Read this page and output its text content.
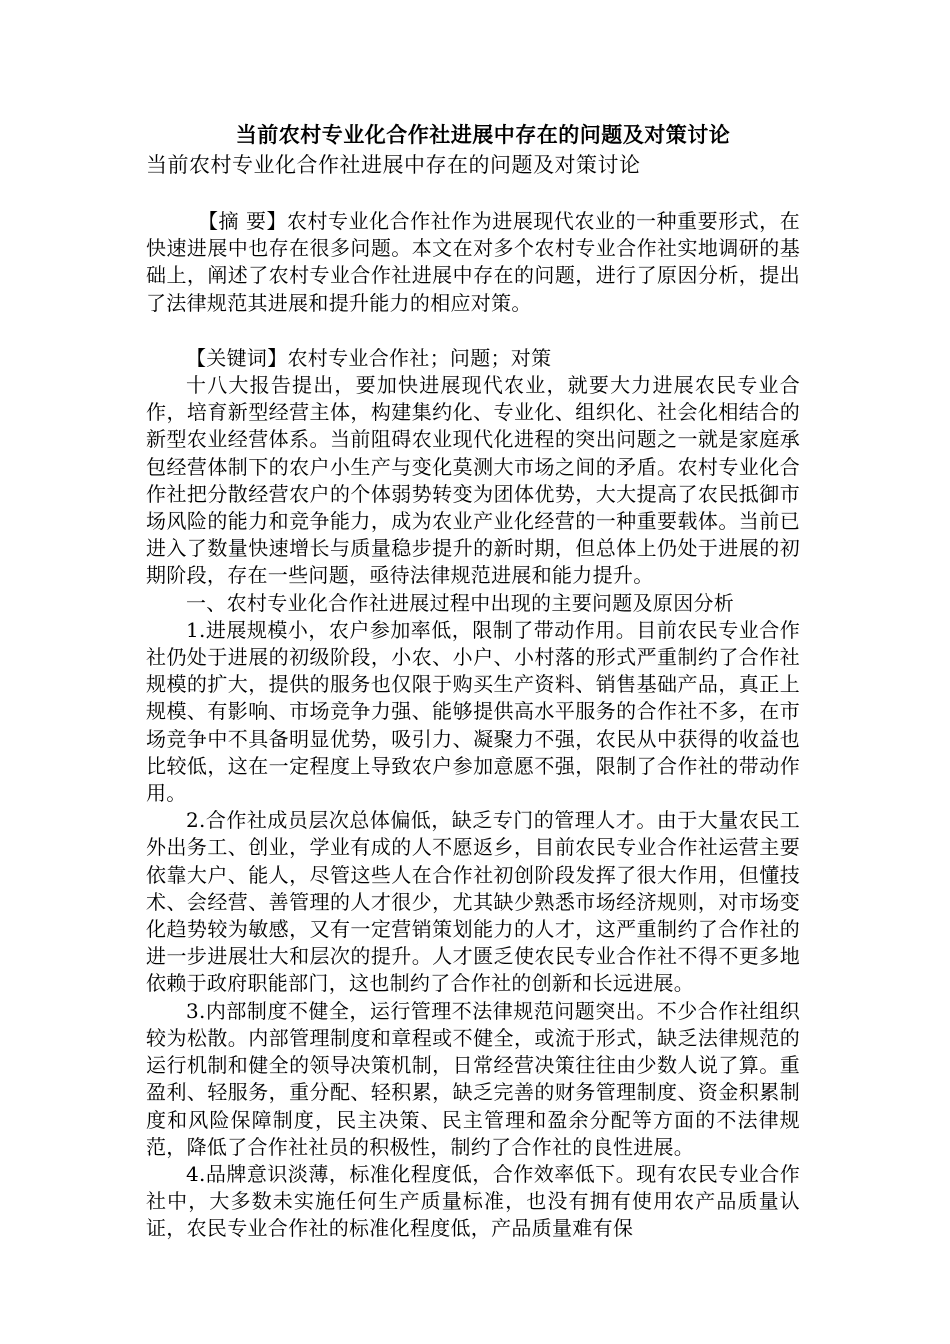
当前农村专业化合作社进展中存在的问题及对策讨论
当前农村专业化合作社进展中存在的问题及对策讨论

【摘 要】农村专业化合作社作为进展现代农业的一种重要形式，在快速进展中也存在很多问题。本文在对多个农村专业合作社实地调研的基础上，阐述了农村专业合作社进展中存在的问题，进行了原因分析，提出了法律规范其进展和提升能力的相应对策。

【关键词】农村专业合作社；问题；对策

十八大报告提出，要加快进展现代农业，就要大力进展农民专业合作，培育新型经营主体，构建集约化、专业化、组织化、社会化相结合的新型农业经营体系。当前阻碍农业现代化进程的突出问题之一就是家庭承包经营体制下的农户小生产与变化莫测大市场之间的矛盾。农村专业化合作社把分散经营农户的个体弱势转变为团体优势，大大提高了农民抵御市场风险的能力和竞争能力，成为农业产业化经营的一种重要载体。当前已进入了数量快速增长与质量稳步提升的新时期，但总体上仍处于进展的初期阶段，存在一些问题，亟待法律规范进展和能力提升。

一、农村专业化合作社进展过程中出现的主要问题及原因分析

1.进展规模小，农户参加率低，限制了带动作用。目前农民专业合作社仍处于进展的初级阶段，小农、小户、小村落的形式严重制约了合作社规模的扩大，提供的服务也仅限于购买生产资料、销售基础产品，真正上规模、有影响、市场竞争力强、能够提供高水平服务的合作社不多，在市场竞争中不具备明显优势，吸引力、凝聚力不强，农民从中获得的收益也比较低，这在一定程度上导致农户参加意愿不强，限制了合作社的带动作用。

2.合作社成员层次总体偏低，缺乏专门的管理人才。由于大量农民工外出务工、创业，学业有成的人不愿返乡，目前农民专业合作社运营主要依靠大户、能人，尽管这些人在合作社初创阶段发挥了很大作用，但懂技术、会经营、善管理的人才很少，尤其缺少熟悉市场经济规则，对市场变化趋势较为敏感，又有一定营销策划能力的人才，这严重制约了合作社的进一步进展壮大和层次的提升。人才匮乏使农民专业合作社不得不更多地依赖于政府职能部门，这也制约了合作社的创新和长远进展。

3.内部制度不健全，运行管理不法律规范问题突出。不少合作社组织较为松散。内部管理制度和章程或不健全，或流于形式，缺乏法律规范的运行机制和健全的领导决策机制，日常经营决策往往由少数人说了算。重盈利、轻服务，重分配、轻积累，缺乏完善的财务管理制度、资金积累制度和风险保障制度，民主决策、民主管理和盈余分配等方面的不法律规范，降低了合作社社员的积极性，制约了合作社的良性进展。

4.品牌意识淡薄，标准化程度低，合作效率低下。现有农民专业合作社中，大多数未实施任何生产质量标准，也没有拥有使用农产品质量认证，农民专业合作社的标准化程度低，产品质量难有保
